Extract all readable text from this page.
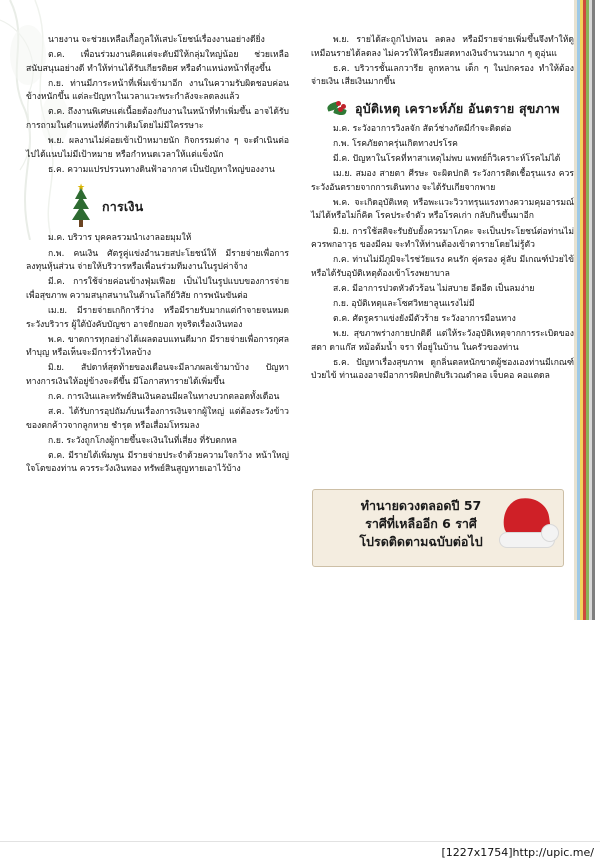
นายงาน จะช่วยเหลือเกื้อกูลให้เสปะโยชน์เรื่องงานอย่างดียิ่ง

ต.ค. เพื่อนร่วมงานคิดแต่จะดับมีให้กลุ่มใหญ่น้อย ช่วยเหลือสนับสนุนอย่างดี ทำให้ท่านได้รับเกียรติยศ หรือตำแหน่งหน้าที่สูงขึ้น

ก.ย. ท่านมีภาระหน้าที่เพิ่มเข้ามาอีก งานในความรับผิดชอบค่อนข้างหนักขึ้น แต่ละปัญหาในเวลาแวะพระกำลังจะลดลงแล้ว

ต.ค. ถึงงานพิเศษแต่เนื้อยต้องกับงานในหน้าที่ทำเพิ่มขึ้น อาจได้รับการถามในตำแหน่งที่ดีกว่าเดิมโดยไม่มีใครรษาะ

พ.ย. ผลงานไม่ค่อยเข้าเป้าหมายนัก กิจกรรมต่าง ๆ จะดำเนินต่อไปได้แนบไม่มีเป้าหมาย หรือกำหนดเวลาให้แต่แข็งนัก

ธ.ค. ความแปรปรวนทางดินฟ้าอากาศ เป็นปัญหาใหญ่ของงาน

★
การเงิน

ม.ค. บริวาร บุคคลรวมนำเงาลอยมุมให้

ก.พ. คนเงิน ศัตรูคู่แข่งอำนวยสปะโยชน์ให้ มีรายจ่ายเพื่อการลงทุนหุ้นส่วน จ่ายให้บริวารหรือเพื่อนร่วมทีมงานในรูปค่าจ้าง

มี.ค. การใช้จ่ายค่อนข้างฟุ่มเฟือย เป็นไปในรูปแบบของการจ่ายเพื่อสุขภาพ ความสนุกสนานในด้านโลกีย์วิสัย การพนันขันต่อ

เม.ย. มีรายจ่ายเกกิการีว่าง หรือมีรายรับมากแต่กำจายจนหมด ระวังบริวาร ผู้ใต้บังคับบัญชา อาจยักยอก ทุจริตเรื่องเงินทอง

พ.ค. ขาดการทุกอย่างได้เผลตอบแทนดีมาก มีรายจ่ายเพื่อการกุศล ทำบุญ หรือเห็นจะมีการรั่วไหลบ้าง

มิ.ย. สัปดาห์สุดท้ายของเดือนจะมีลาภผลเข้ามาบ้าง ปัญหาทางการเงินให้อยู่ข้างจะดีขึ้น มีโอกาสหารายได้เพิ่มขึ้น

ก.ค. การเงินและทรัพย์สินเงินคอนมีผลในทางบวกตลอดทั้งเดือน

ส.ค. ได้รับการอุปถัมภ์บนเรื่องการเงินจากผู้ใหญ่ แต่ต้องระวังข้าวของตกค้าวจากลูกหาย ชำรุด หรือเสื่อมโทรมลง

ก.ย. ระวังถูกโกงผู้กายขึ้นจะเงินในที่เสี่ยง ที่รับตกหล

ต.ค. มีรายได้เพิ่มพูน มีรายจ่ายประจำด้วยความใจกว้าง หน้าใหญ่ใจโตของท่าน ควรระวังเงินทอง ทรัพย์สินสูญหายเอาไว้บ้าง

พ.ย. รายได้สะถูกไปทอน ลดลง หรือมีรายจ่ายเพิ่มขึ้นจึงทำให้ดูเหมือนรายได้ลดลง ไม่ควรให้ใครยืมสดทางเงินจำนวนมาก ๆ ดูอุ่นแ

ธ.ค. บริวารชั้นเลกวารีย ลูกหลาน เด็ก ๆ ในปกครอง ทำให้ต้องจ่ายเงิน เสียเงินมากขึ้น

อุบัติเหตุ เคราะห์ภัย อันตราย สุขภาพ

ม.ค. ระวังอาการวิงลจัก สัตว์ช่างกัดมีกำจะติดต่อ

ก.พ. โรคภัยตาครุ่นเกิดทางปรโรค

มี.ค. ปัญหาในโรคที่หาสาเหตุไม่พบ แพทย์ก็วิเคราะห์โรคไม่ได้

เม.ย. สมอง สายตา ศีรษะ จะผิดปกติ ระวังการติดเชื้อรุนแรง ควรระวังอันตรายจากการเดินทาง จะได้รับเกียจากพาย

พ.ค. จะเกิดอุบัติเหตุ หรือพะแวะวิวาทรุนแรงทางความคุมอารมณ์ไม่ได้หรือไม่ก็คิด โรคประจำตัว หรือโรคเก่า กลับกินขึ้นมาอีก

มิ.ย. การใช้สติจะรับยับยั้งควรมาโภคะ จะเป็นประโยชน์ต่อท่านไม่ควรพกอาวุธ ของมีคม จะทำให้ท่านต้องเข้าตารายโดยไม่รู้ตัว

ก.ค. ท่านไม่มีภูมิจะไรช่วัยแรง คนรัก คู่ครอง คู่ลับ มีเกณฑ์ป่วยไข้ หรือได้รับอุบัติเหตุต้องเข้าโรงพยาบาล

ส.ค. มีอาการปวดหัวตัวร้อน ไม่สบาย อีดอีด เป็นลมง่าย

ก.ย. อุบัติเหตุและโซศวิทยาลูนแรงไม่มี

ต.ค. ศัตรูคราแข่งยังมีตัวร้าย ระวังอาการมือนทาง

พ.ย. สุขภาพร่างกายปกติดี แต่ให้ระวังอุบัติเหตุจากการระเบิดของสตา ดาแก๊ส หม้อต้มน้ำ จรา ที่อยู่ในบ้าน ในครัวของท่าน

ธ.ค. ปัญหาเรื่องสุขภาพ ดูกลิ่นตลหนักขาดผู้ชองเองท่านมีเกณฑ์ป่วยไข้ ท่านเองอาจมีอาการผิดปกติบริเวณดำคอ เจ็บคอ คอแตดล

ทำนายดวงตลอดปี 57
ราศีที่เหลืออีก 6 ราศี
โปรดติดตามฉบับต่อไป
[1227x1754]http://upic.me/
